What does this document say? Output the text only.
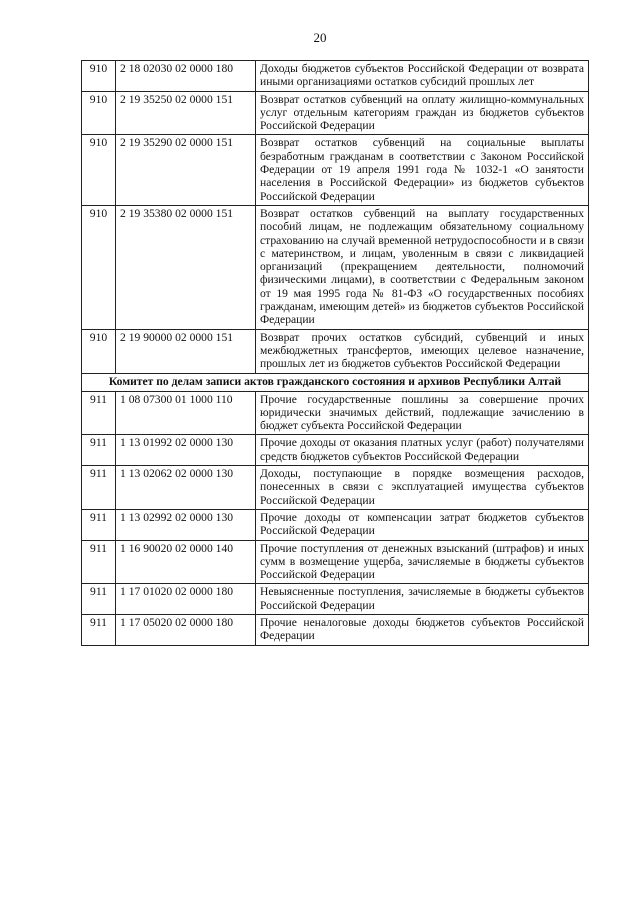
20
910	2 18 02030 02 0000 180	Доходы бюджетов субъектов Российской Федерации от возврата иными организациями остатков субсидий прошлых лет
910	2 19 35250 02 0000 151	Возврат остатков субвенций на оплату жилищно-коммунальных услуг отдельным категориям граждан из бюджетов субъектов Российской Федерации
910	2 19 35290 02 0000 151	Возврат остатков субвенций на социальные выплаты безработным гражданам в соответствии с Законом Российской Федерации от 19 апреля 1991 года № 1032-1 «О занятости населения в Российской Федерации» из бюджетов субъектов Российской Федерации
910	2 19 35380 02 0000 151	Возврат остатков субвенций на выплату государственных пособий лицам, не подлежащим обязательному социальному страхованию на случай временной нетрудоспособности и в связи с материнством, и лицам, уволенным в связи с ликвидацией организаций (прекращением деятельности, полномочий физическими лицами), в соответствии с Федеральным законом от 19 мая 1995 года № 81-ФЗ «О государственных пособиях гражданам, имеющим детей» из бюджетов субъектов Российской Федерации
910	2 19 90000 02 0000 151	Возврат прочих остатков субсидий, субвенций и иных межбюджетных трансфертов, имеющих целевое назначение, прошлых лет из бюджетов субъектов Российской Федерации
Комитет по делам записи актов гражданского состояния и архивов Республики Алтай		
911	1 08 07300 01 1000 110	Прочие государственные пошлины за совершение прочих юридически значимых действий, подлежащие зачислению в бюджет субъекта Российской Федерации
911	1 13 01992 02 0000 130	Прочие доходы от оказания платных услуг (работ) получателями средств бюджетов субъектов Российской Федерации
911	1 13 02062 02 0000 130	Доходы, поступающие в порядке возмещения расходов, понесенных в связи с эксплуатацией имущества субъектов Российской Федерации
911	1 13 02992 02 0000 130	Прочие доходы от компенсации затрат бюджетов субъектов Российской Федерации
911	1 16 90020 02 0000 140	Прочие поступления от денежных взысканий (штрафов) и иных сумм в возмещение ущерба, зачисляемые в бюджеты субъектов Российской Федерации
911	1 17 01020 02 0000 180	Невыясненные поступления, зачисляемые в бюджеты субъектов Российской Федерации
911	1 17 05020 02 0000 180	Прочие неналоговые доходы бюджетов субъектов Российской Федерации
